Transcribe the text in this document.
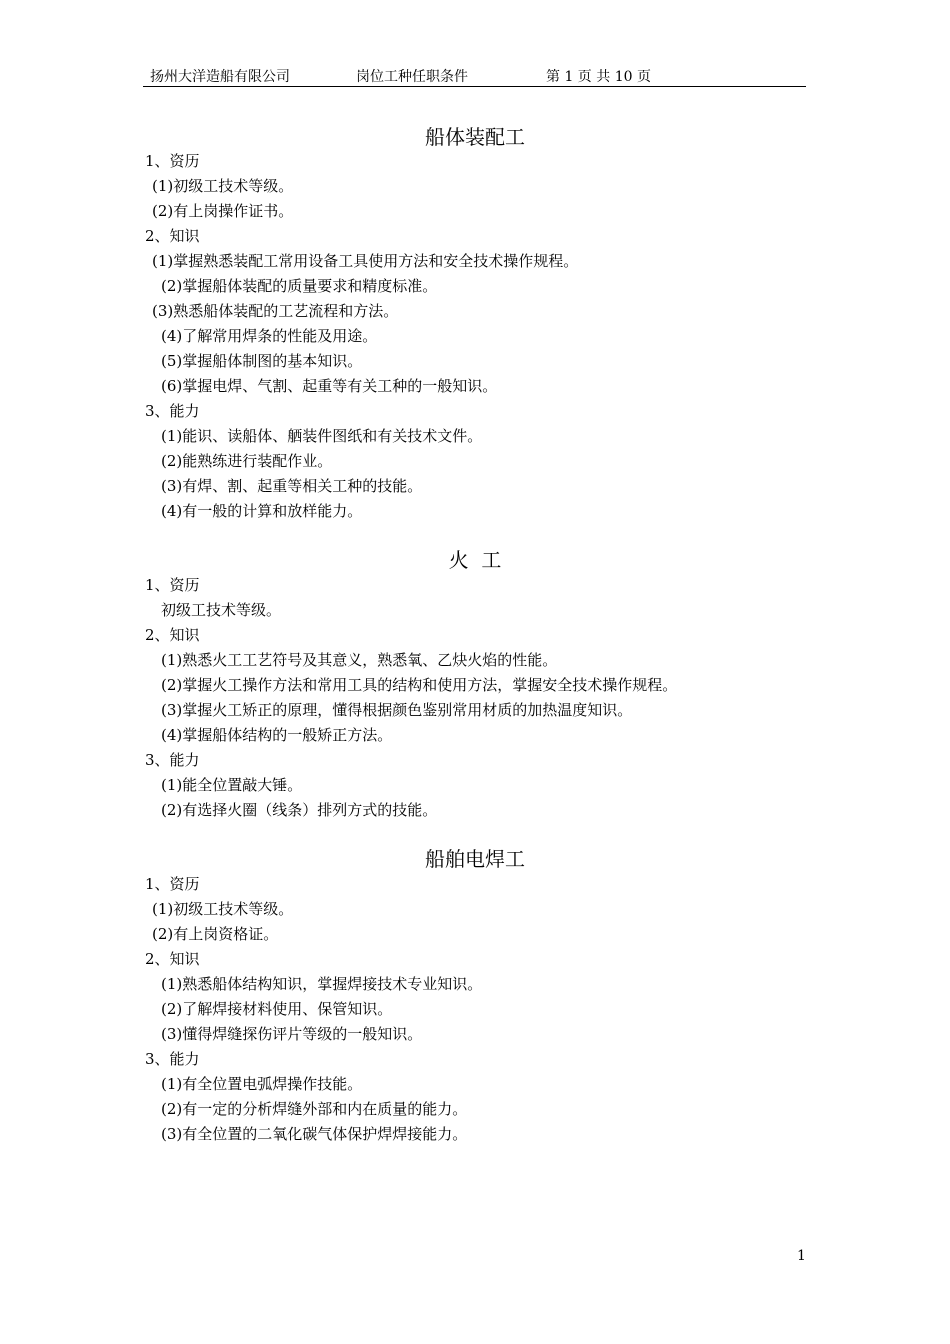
扬州大洋造船有限公司	岗位工种任职条件	第 1 页 共 10 页
船体装配工
1、资历
(1)初级工技术等级。
(2)有上岗操作证书。
2、知识
(1)掌握熟悉装配工常用设备工具使用方法和安全技术操作规程。
(2)掌握船体装配的质量要求和精度标准。
(3)熟悉船体装配的工艺流程和方法。
(4)了解常用焊条的性能及用途。
(5)掌握船体制图的基本知识。
(6)掌握电焊、气割、起重等有关工种的一般知识。
3、能力
(1)能识、读船体、舾装件图纸和有关技术文件。
(2)能熟练进行装配作业。
(3)有焊、割、起重等相关工种的技能。
(4)有一般的计算和放样能力。
火  工
1、资历
初级工技术等级。
2、知识
(1)熟悉火工工艺符号及其意义，熟悉氧、乙炔火焰的性能。
(2)掌握火工操作方法和常用工具的结构和使用方法，掌握安全技术操作规程。
(3)掌握火工矫正的原理，懂得根据颜色鉴别常用材质的加热温度知识。
(4)掌握船体结构的一般矫正方法。
3、能力
(1)能全位置敲大锤。
(2)有选择火圈（线条）排列方式的技能。
船舶电焊工
1、资历
(1)初级工技术等级。
(2)有上岗资格证。
2、知识
(1)熟悉船体结构知识，掌握焊接技术专业知识。
(2)了解焊接材料使用、保管知识。
(3)懂得焊缝探伤评片等级的一般知识。
3、能力
(1)有全位置电弧焊操作技能。
(2)有一定的分析焊缝外部和内在质量的能力。
(3)有全位置的二氧化碳气体保护焊焊接能力。
1
